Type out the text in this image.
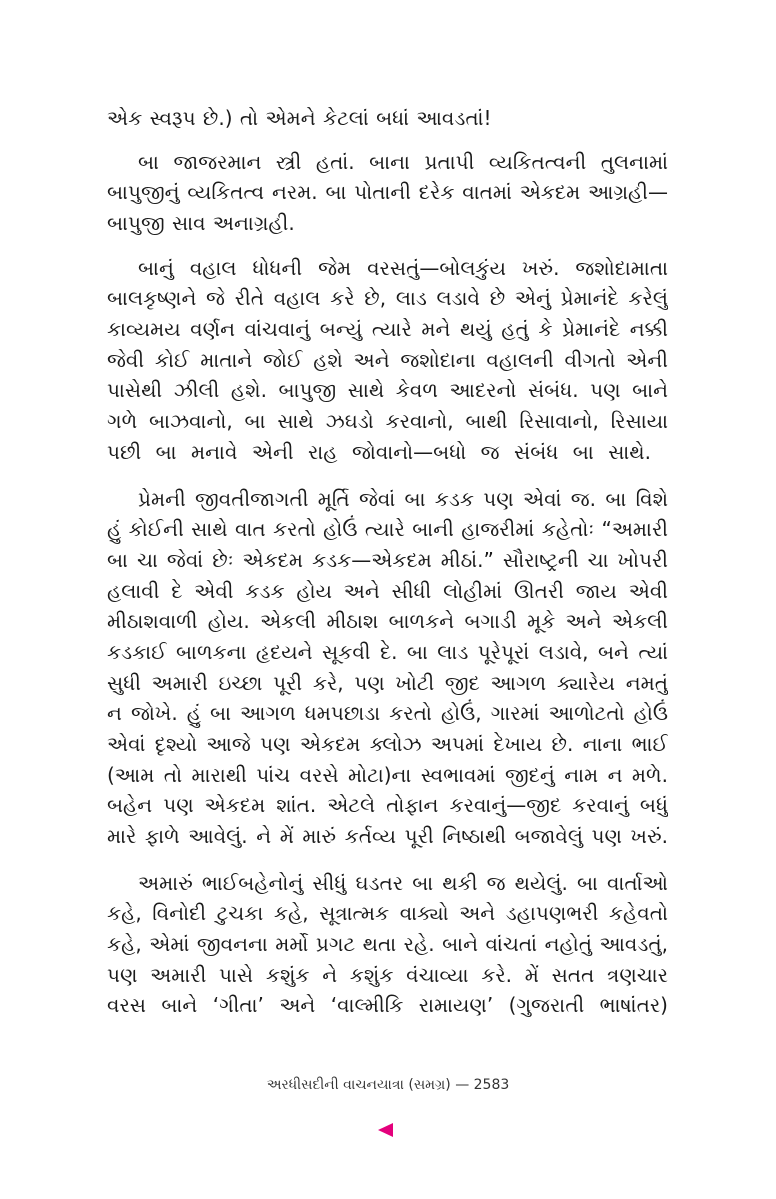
એક સ્વરૂપ છે.) તો એમને કેટલાં બધાં આવડતાં!
બા જાજરમાન સ્ત્રી હતાં. બાના પ્રતાપી વ્યકિતત્વની તુલનામાં
બાપુજીનું વ્યકિતત્વ નરમ. બા પોતાની દરેક વાતમાં એકદમ આગ્રહી—
બાપુજી સાવ અનાગ્રહી.
બાનું વહાલ ધોધની જેમ વરસતું—બોલકુંય ખરું. જશોદામાતા
બાલકૃષ્ણને જે રીતે વહાલ કરે છે, લાડ લડાવે છે એનું પ્રેમાનંદે કરેલું
કાવ્યમય વર્ણન વાંચવાનું બન્યું ત્યારે મને થયું હતું કે પ્રેમાનંદે નક્કી
જેવી કોઈ માતાને જોઈ હશે અને જશોદાના વહાલની વીગતો એની
પાસેથી ઝીલી હશે. બાપુજી સાથે કેવળ આદરનો સંબંધ. પણ બાને
ગળે બાઝવાનો, બા સાથે ઝઘડો કરવાનો, બાથી રિસાવાનો, રિસાયા
પછી બા મનાવે એની રાહ જોવાનો—બધો જ સંબંધ બા સાથે.
પ્રેમની જીવતીજાગતી મૂર્તિ જેવાં બા કડક પણ એવાં જ. બા વિશે
હું કોઈની સાથે વાત કરતો હોઉં ત્યારે બાની હાજરીમાં કહેતોઃ “અમારી
બા ચા જેવાં છેઃ એકદમ કડક—એકદમ મીઠાં.” સૌરાષ્ટ્રની ચા ખોપરી
હલાવી દે એવી કડક હોય અને સીધી લોહીમાં ઊતરી જાય એવી
મીઠાશવાળી હોય. એકલી મીઠાશ બાળકને બગાડી મૂકે અને એકલી
કડકાઈ બાળકના હૃદયને સૂકવી દે. બા લાડ પૂરેપૂરાં લડાવે, બને ત્યાં
સુધી અમારી ઇચ્છા પૂરી કરે, પણ ખોટી જીદ આગળ ક્યારેય નમતું
ન જોખે. હું બા આગળ ધમપછાડા કરતો હોઉં, ગારમાં આળોટતો હોઉં
એવાં દૃશ્યો આજે પણ એકદમ ક્લોઝ અપમાં દેખાય છે. નાના ભાઈ
(આમ તો મારાથી પાંચ વરસે મોટા)ના સ્વભાવમાં જીદનું નામ ન મળે.
બહેન પણ એકદમ શાંત. એટલે તોફાન કરવાનું—જીદ કરવાનું બધું
મારે ફાળે આવેલું. ને મેં મારું કર્તવ્ય પૂરી નિષ્ઠાથી બજાવેલું પણ ખરું.
અમારું ભાઈબહેનોનું સીધું ઘડતર બા થકી જ થયેલું. બા વાર્તાઓ
કહે, વિનોદી ટુચકા કહે, સૂત્રાત્મક વાક્યો અને ડહાપણભરી કહેવતો
કહે, એમાં જીવનના મર્મો પ્રગટ થતા રહે. બાને વાંચતાં નહોતું આવડતું,
પણ અમારી પાસે કશુંક ને કશુંક વંચાવ્યા કરે. મેં સતત ત્રણચાર
વરસ બાને ‘ગીતા’ અને ‘વાલ્મીકિ રામાયણ’ (ગુજરાતી ભાષાંતર)
અરધીસદીની વાચનયાત્રા (સમગ્ર) — 2583
